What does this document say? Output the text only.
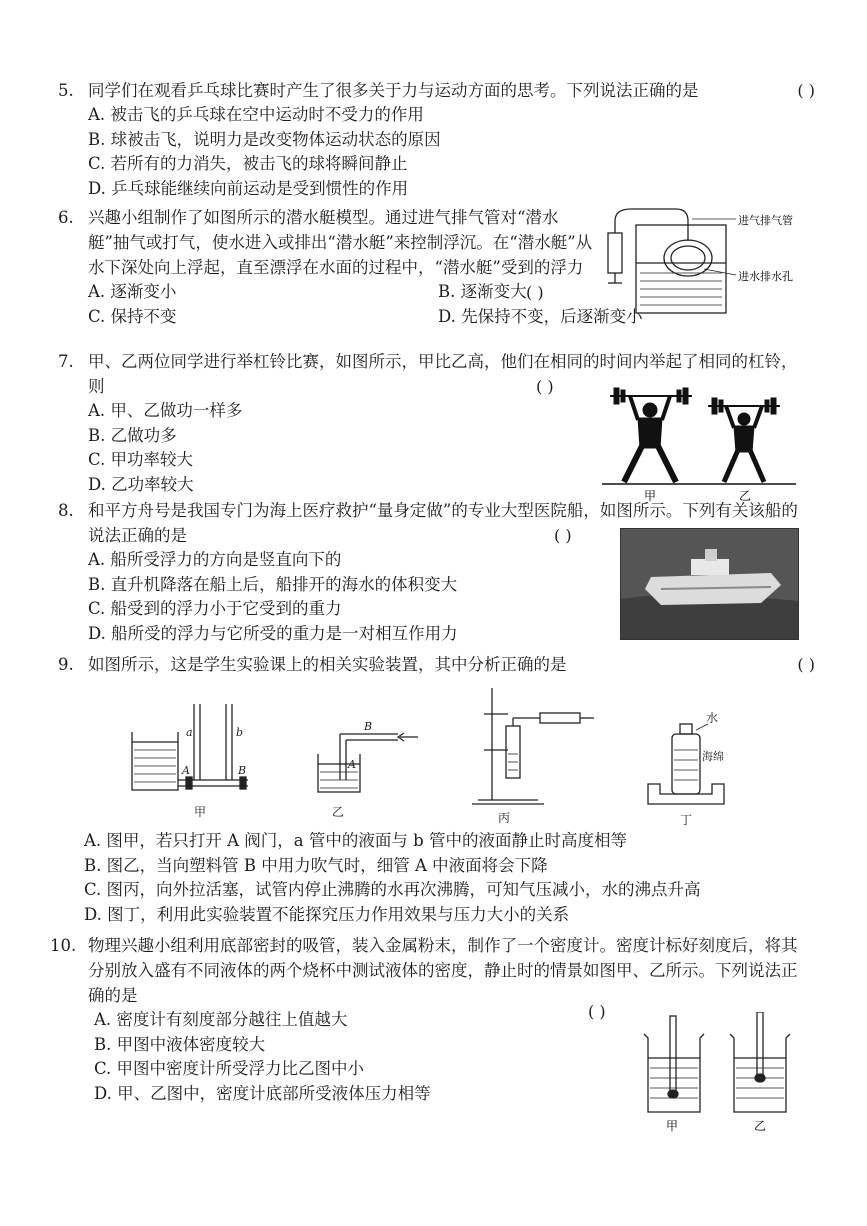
5. 同学们在观看乒乓球比赛时产生了很多关于力与运动方面的思考。下列说法正确的是	( )
A. 被击飞的乒乓球在空中运动时不受力的作用
B. 球被击飞，说明力是改变物体运动状态的原因
C. 若所有的力消失，被击飞的球将瞬间静止
D. 乒乓球能继续向前运动是受到惯性的作用
6. 兴趣小组制作了如图所示的潜水艇模型。通过进气排气管对“潜水艇”抽气或打气，使水进入或排出“潜水艇”来控制浮沉。在“潜水艇”从水下深处向上浮起，直至漂浮在水面的过程中，“潜水艇”受到的浮力

( )
A. 逐渐变小	B. 逐渐变大
C. 保持不变	D. 先保持不变，后逐渐变小
进气排气管
进水排水孔
7. 甲、乙两位同学进行举杠铃比赛，如图所示，甲比乙高，他们在相同的时间内举起了相同的杠铃，则	( )
A. 甲、乙做功一样多
B. 乙做功多
C. 甲功率较大
D. 乙功率较大
甲	乙
8. 和平方舟号是我国专门为海上医疗救护“量身定做”的专业大型医院船，如图所示。下列有关该船的说法正确的是	( )
A. 船所受浮力的方向是竖直向下的
B. 直升机降落在船上后，船排开的海水的体积变大
C. 船受到的浮力小于它受到的重力
D. 船所受的浮力与它所受的重力是一对相互作用力
9. 如图所示，这是学生实验课上的相关实验装置，其中分析正确的是	( )
a	b
A	B
甲
B
A
乙	丙
水
海绵
丁
A. 图甲，若只打开 A 阀门，a 管中的液面与 b 管中的液面静止时高度相等
B. 图乙，当向塑料管 B 中用力吹气时，细管 A 中液面将会下降
C. 图丙，向外拉活塞，试管内停止沸腾的水再次沸腾，可知气压减小，水的沸点升高
D. 图丁，利用此实验装置不能探究压力作用效果与压力大小的关系
10. 物理兴趣小组利用底部密封的吸管，装入金属粉末，制作了一个密度计。密度计标好刻度后，将其分别放入盛有不同液体的两个烧杯中测试液体的密度，静止时的情景如图甲、乙所示。下列说法正确的是

( )
A. 密度计有刻度部分越往上值越大
B. 甲图中液体密度较大
C. 甲图中密度计所受浮力比乙图中小
D. 甲、乙图中，密度计底部所受液体压力相等
甲	乙
